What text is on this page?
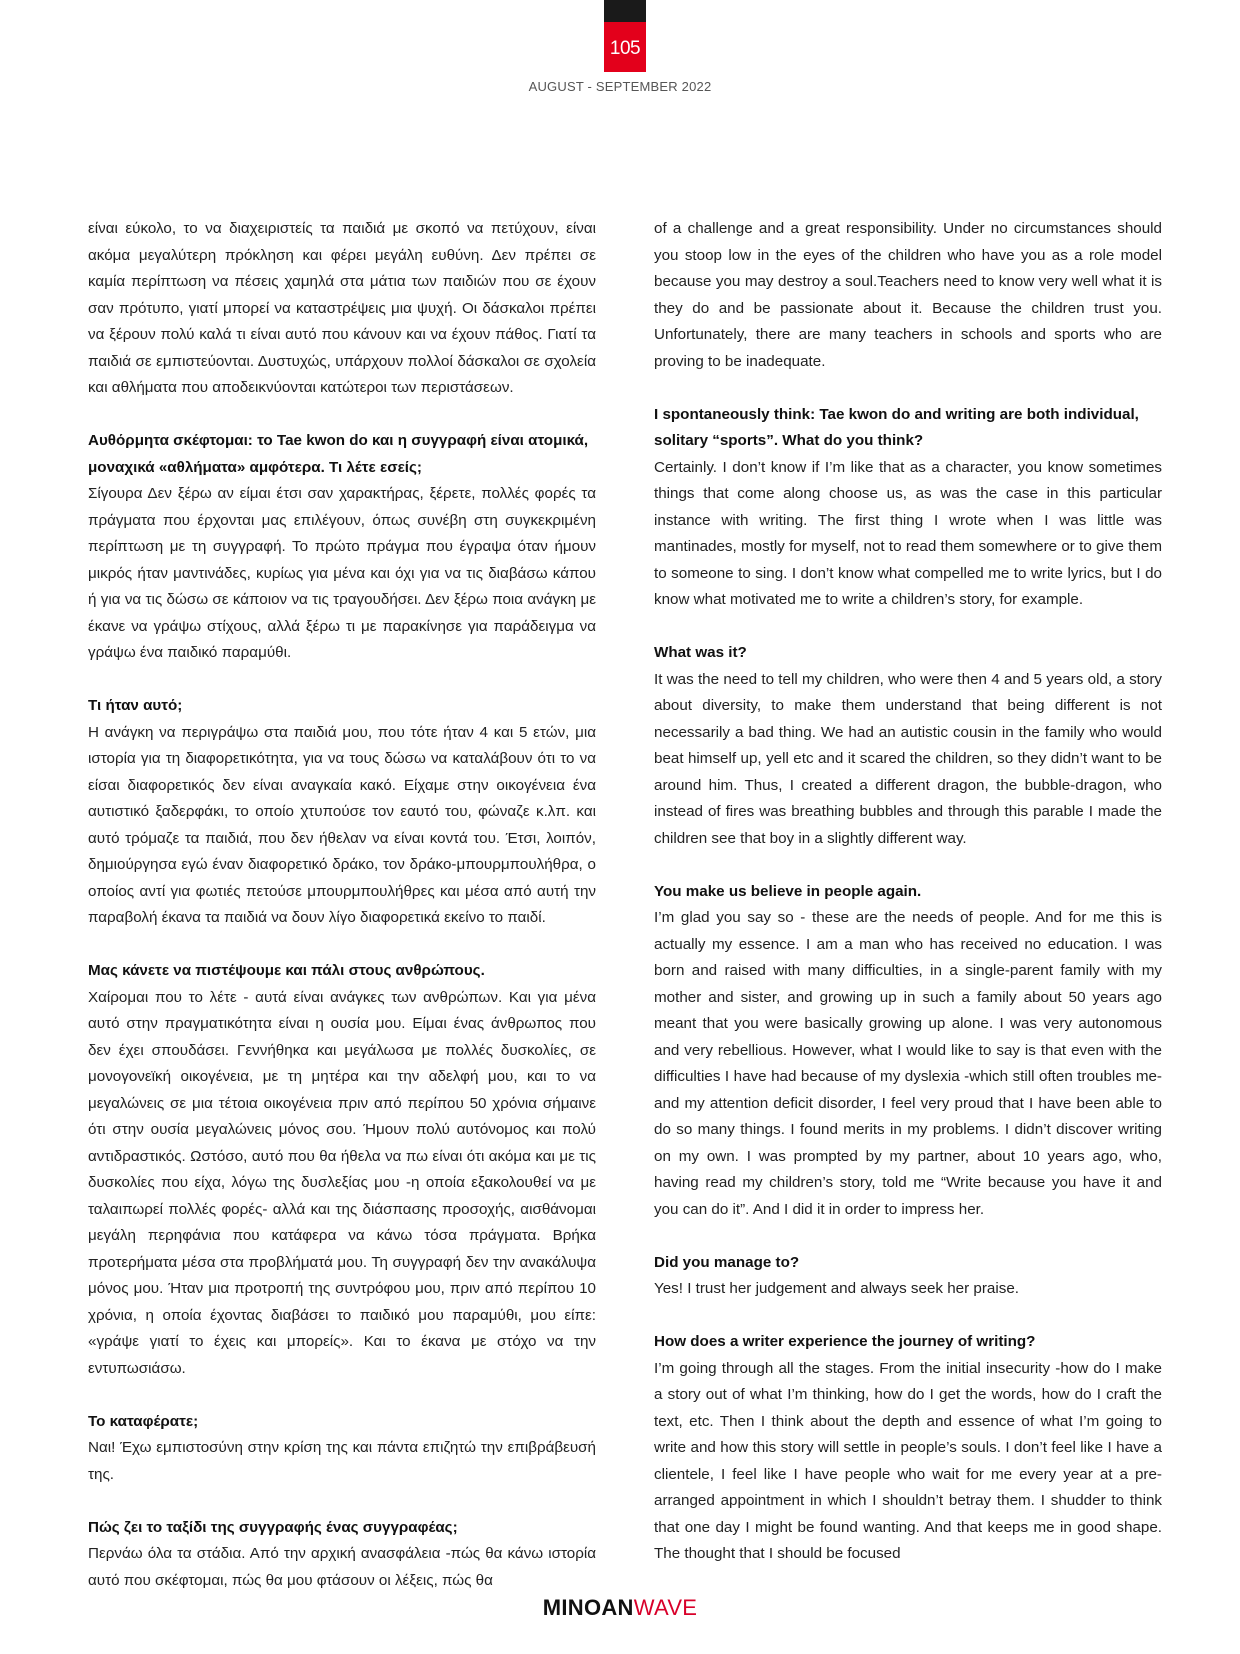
105
AUGUST - SEPTEMBER 2022

είναι εύκολο, το να διαχειριστείς τα παιδιά με σκοπό να πετύχουν, είναι ακόμα μεγαλύτερη πρόκληση και φέρει μεγάλη ευθύνη. Δεν πρέπει σε καμία περίπτωση να πέσεις χαμηλά στα μάτια των παιδιών που σε έχουν σαν πρότυπο, γιατί μπορεί να καταστρέψεις μια ψυχή. Οι δάσκαλοι πρέπει να ξέρουν πολύ καλά τι είναι αυτό που κάνουν και να έχουν πάθος. Γιατί τα παιδιά σε εμπιστεύονται. Δυστυχώς, υπάρχουν πολλοί δάσκαλοι σε σχολεία και αθλήματα που αποδεικνύονται κατώτεροι των περιστάσεων.

Αυθόρμητα σκέφτομαι: το Tae kwon do και η συγγραφή είναι ατομικά, μοναχικά «αθλήματα» αμφότερα. Τι λέτε εσείς;

Σίγουρα Δεν ξέρω αν είμαι έτσι σαν χαρακτήρας, ξέρετε, πολλές φορές τα πράγματα που έρχονται μας επιλέγουν, όπως συνέβη στη συγκεκριμένη περίπτωση με τη συγγραφή. Το πρώτο πράγμα που έγραψα όταν ήμουν μικρός ήταν μαντινάδες, κυρίως για μένα και όχι για να τις διαβάσω κάπου ή για να τις δώσω σε κάποιον να τις τραγουδήσει. Δεν ξέρω ποια ανάγκη με έκανε να γράψω στίχους, αλλά ξέρω τι με παρακίνησε για παράδειγμα να γράψω ένα παιδικό παραμύθι.

Τι ήταν αυτό;

Η ανάγκη να περιγράψω στα παιδιά μου, που τότε ήταν 4 και 5 ετών, μια ιστορία για τη διαφορετικότητα, για να τους δώσω να καταλάβουν ότι το να είσαι διαφορετικός δεν είναι αναγκαία κακό. Είχαμε στην οικογένεια ένα αυτιστικό ξαδερφάκι, το οποίο χτυπούσε τον εαυτό του, φώναζε κ.λπ. και αυτό τρόμαζε τα παιδιά, που δεν ήθελαν να είναι κοντά του. Έτσι, λοιπόν, δημιούργησα εγώ έναν διαφορετικό δράκο, τον δράκο-μπουρμπουλήθρα, ο οποίος αντί για φωτιές πετούσε μπουρμπουλήθρες και μέσα από αυτή την παραβολή έκανα τα παιδιά να δουν λίγο διαφορετικά εκείνο το παιδί.

Μας κάνετε να πιστέψουμε και πάλι στους ανθρώπους.

Χαίρομαι που το λέτε - αυτά είναι ανάγκες των ανθρώπων. Και για μένα αυτό στην πραγματικότητα είναι η ουσία μου. Είμαι ένας άνθρωπος που δεν έχει σπουδάσει. Γεννήθηκα και μεγάλωσα με πολλές δυσκολίες, σε μονογονεϊκή οικογένεια, με τη μητέρα και την αδελφή μου, και το να μεγαλώνεις σε μια τέτοια οικογένεια πριν από περίπου 50 χρόνια σήμαινε ότι στην ουσία μεγαλώνεις μόνος σου. Ήμουν πολύ αυτόνομος και πολύ αντιδραστικός. Ωστόσο, αυτό που θα ήθελα να πω είναι ότι ακόμα και με τις δυσκολίες που είχα, λόγω της δυσλεξίας μου -η οποία εξακολουθεί να με ταλαιπωρεί πολλές φορές- αλλά και της διάσπασης προσοχής, αισθάνομαι μεγάλη περηφάνια που κατάφερα να κάνω τόσα πράγματα. Βρήκα προτερήματα μέσα στα προβλήματά μου. Τη συγγραφή δεν την ανακάλυψα μόνος μου. Ήταν μια προτροπή της συντρόφου μου, πριν από περίπου 10 χρόνια, η οποία έχοντας διαβάσει το παιδικό μου παραμύθι, μου είπε: «γράψε γιατί το έχεις και μπορείς». Και το έκανα με στόχο να την εντυπωσιάσω.

Το καταφέρατε;

Ναι! Έχω εμπιστοσύνη στην κρίση της και πάντα επιζητώ την επιβράβευσή της.

Πώς ζει το ταξίδι της συγγραφής ένας συγγραφέας;

Περνάω όλα τα στάδια. Από την αρχική ανασφάλεια -πώς θα κάνω ιστορία αυτό που σκέφτομαι, πώς θα μου φτάσουν οι λέξεις, πώς θα

of a challenge and a great responsibility. Under no circumstances should you stoop low in the eyes of the children who have you as a role model because you may destroy a soul.Teachers need to know very well what it is they do and be passionate about it. Because the children trust you. Unfortunately, there are many teachers in schools and sports who are proving to be inadequate.

I spontaneously think: Tae kwon do and writing are both individual, solitary “sports”. What do you think?

Certainly. I don’t know if I’m like that as a character, you know sometimes things that come along choose us, as was the case in this particular instance with writing. The first thing I wrote when I was little was mantinades, mostly for myself, not to read them somewhere or to give them to someone to sing. I don’t know what compelled me to write lyrics, but I do know what motivated me to write a children’s story, for example.

What was it?

It was the need to tell my children, who were then 4 and 5 years old, a story about diversity, to make them understand that being different is not necessarily a bad thing. We had an autistic cousin in the family who would beat himself up, yell etc and it scared the children, so they didn’t want to be around him. Thus, I created a different dragon, the bubble-dragon, who instead of fires was breathing bubbles and through this parable I made the children see that boy in a slightly different way.

You make us believe in people again.

I’m glad you say so - these are the needs of people. And for me this is actually my essence. I am a man who has received no education. I was born and raised with many difficulties, in a single-parent family with my mother and sister, and growing up in such a family about 50 years ago meant that you were basically growing up alone. I was very autonomous and very rebellious. However, what I would like to say is that even with the difficulties I have had because of my dyslexia -which still often troubles me- and my attention deficit disorder, I feel very proud that I have been able to do so many things. I found merits in my problems. I didn’t discover writing on my own. I was prompted by my partner, about 10 years ago, who, having read my children’s story, told me “Write because you have it and you can do it”. And I did it in order to impress her.

Did you manage to?

Yes! I trust her judgement and always seek her praise.

How does a writer experience the journey of writing?

I’m going through all the stages. From the initial insecurity -how do I make a story out of what I’m thinking, how do I get the words, how do I craft the text, etc. Then I think about the depth and essence of what I’m going to write and how this story will settle in people’s souls. I don’t feel like I have a clientele, I feel like I have people who wait for me every year at a pre-arranged appointment in which I shouldn’t betray them. I shudder to think that one day I might be found wanting. And that keeps me in good shape. The thought that I should be focused

MINOANWAVE
